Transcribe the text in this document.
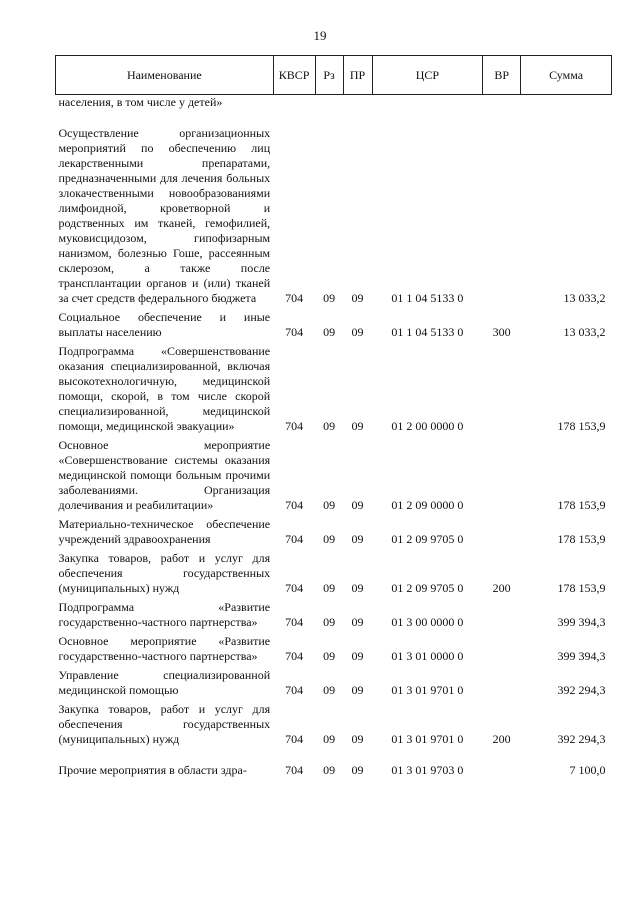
19
Наименование	КВСР	Рз	ПР	ЦСР	ВР	Сумма
населения, в том числе у детей»						

Осуществление организационных мероприятий по обеспечению лиц лекарственными препаратами, предназначенными для лечения больных злокачественными новообразованиями лимфоидной, кроветворной и родственных им тканей, гемофилией, муковисцидозом, гипофизарным нанизмом, болезнью Гоше, рассеянным склерозом, а также после трансплантации органов и (или) тканей за счет средств федерального бюджета	704	09	09	01 1 04 5133 0		13 033,2
Социальное обеспечение и иные выплаты населению	704	09	09	01 1 04 5133 0	300	13 033,2
Подпрограмма «Совершенствование оказания специализированной, включая высокотехнологичную, медицинской помощи, скорой, в том числе скорой специализированной, медицинской помощи, медицинской эвакуации»	704	09	09	01 2 00 0000 0		178 153,9
Основное мероприятие «Совершенствование системы оказания медицинской помощи больным прочими заболеваниями. Организация долечивания и реабилитации»	704	09	09	01 2 09 0000 0		178 153,9
Материально-техническое обеспечение учреждений здравоохранения	704	09	09	01 2 09 9705 0		178 153,9
Закупка товаров, работ и услуг для обеспечения государственных (муниципальных) нужд	704	09	09	01 2 09 9705 0	200	178 153,9
Подпрограмма «Развитие государственно-частного партнерства»	704	09	09	01 3 00 0000 0		399 394,3
Основное мероприятие «Развитие государственно-частного партнерства»	704	09	09	01 3 01 0000 0		399 394,3
Управление специализированной медицинской помощью	704	09	09	01 3 01 9701 0		392 294,3
Закупка товаров, работ и услуг для обеспечения государственных (муниципальных) нужд	704	09	09	01 3 01 9701 0	200	392 294,3

Прочие мероприятия в области здра-	704	09	09	01 3 01 9703 0		7 100,0
